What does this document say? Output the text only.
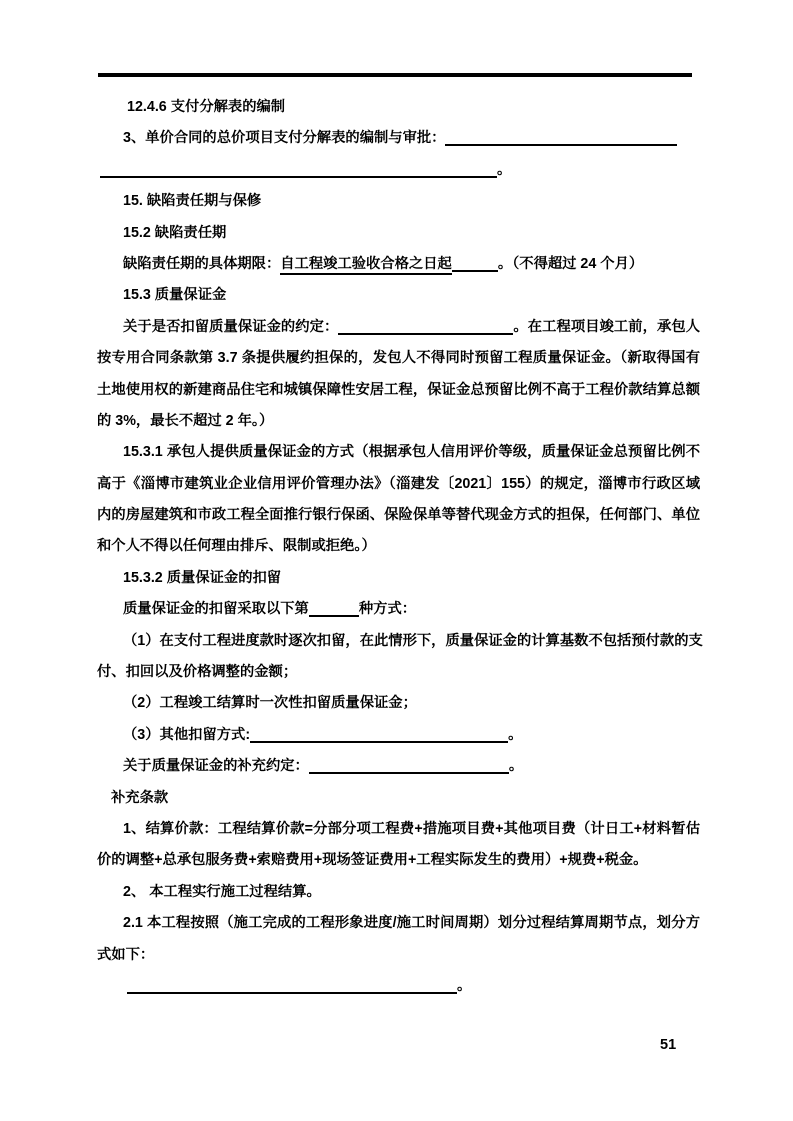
12.4.6 支付分解表的编制

3、单价合同的总价项目支付分解表的编制与审批：

。

15. 缺陷责任期与保修

15.2 缺陷责任期

缺陷责任期的具体期限：自工程竣工验收合格之日起	。（不得超过 24 个月）

15.3 质量保证金

关于是否扣留质量保证金的约定：	。在工程项目竣工前，承包人

按专用合同条款第 3.7 条提供履约担保的，发包人不得同时预留工程质量保证金。（新取得国有

土地使用权的新建商品住宅和城镇保障性安居工程，保证金总预留比例不高于工程价款结算总额

的 3%，最长不超过 2 年。）

15.3.1 承包人提供质量保证金的方式（根据承包人信用评价等级，质量保证金总预留比例不

高于《淄博市建筑业企业信用评价管理办法》（淄建发〔2021〕155）的规定，淄博市行政区域

内的房屋建筑和市政工程全面推行银行保函、保险保单等替代现金方式的担保，任何部门、单位

和个人不得以任何理由排斥、限制或拒绝。）

15.3.2 质量保证金的扣留

质量保证金的扣留采取以下第	种方式：

（1）在支付工程进度款时逐次扣留，在此情形下，质量保证金的计算基数不包括预付款的支

付、扣回以及价格调整的金额；

（2）工程竣工结算时一次性扣留质量保证金；

（3）其他扣留方式:	。

关于质量保证金的补充约定：	。

补充条款

1、结算价款：工程结算价款=分部分项工程费+措施项目费+其他项目费（计日工+材料暂估

价的调整+总承包服务费+索赔费用+现场签证费用+工程实际发生的费用）+规费+税金。

2、 本工程实行施工过程结算。

2.1 本工程按照（施工完成的工程形象进度/施工时间周期）划分过程结算周期节点，划分方

式如下：

。

51
